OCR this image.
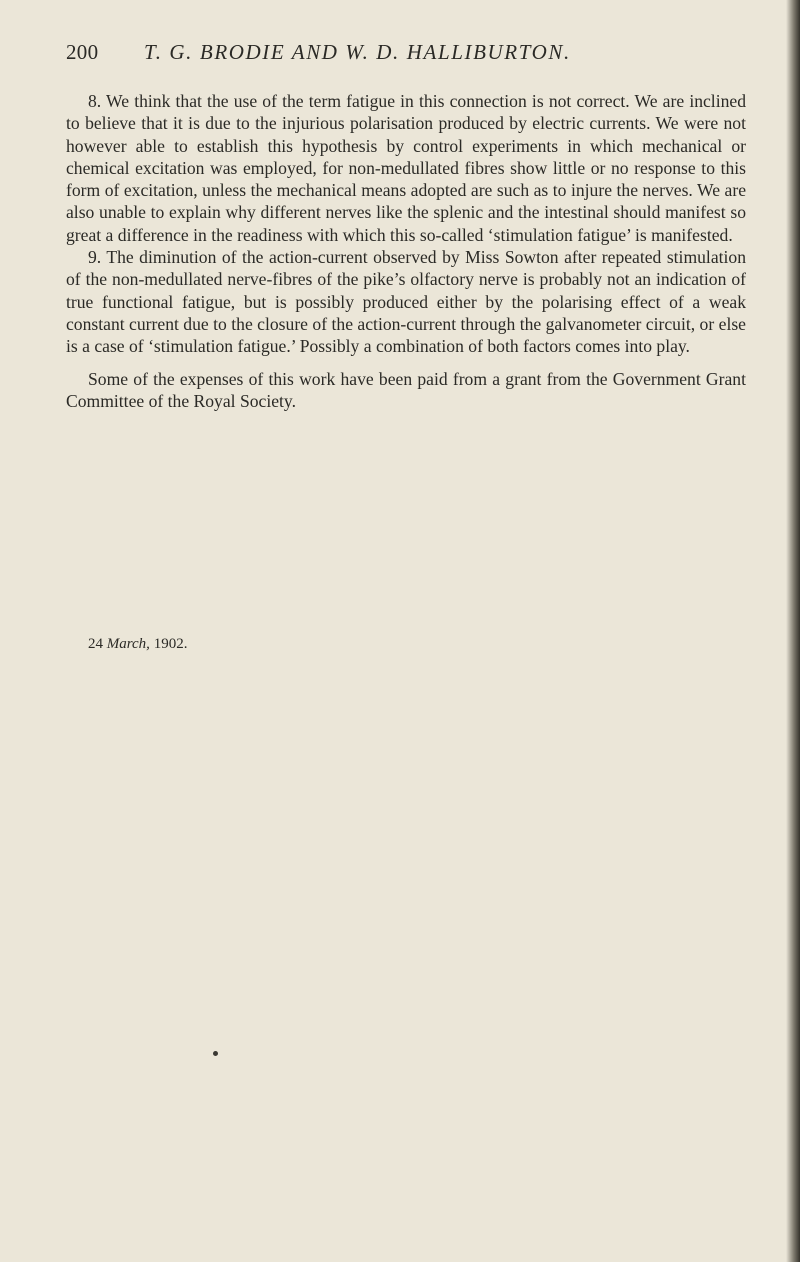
200 T. G. BRODIE AND W. D. HALLIBURTON.

8. We think that the use of the term fatigue in this connection is not correct. We are inclined to believe that it is due to the injurious polarisation produced by electric currents. We were not however able to establish this hypothesis by control experiments in which mechanical or chemical excitation was employed, for non-medullated fibres show little or no response to this form of excitation, unless the mechanical means adopted are such as to injure the nerves. We are also unable to explain why different nerves like the splenic and the intestinal should manifest so great a difference in the readiness with which this so-called ‘stimulation fatigue’ is manifested.

9. The diminution of the action-current observed by Miss Sowton after repeated stimulation of the non-medullated nerve-fibres of the pike’s olfactory nerve is probably not an indication of true functional fatigue, but is possibly produced either by the polarising effect of a weak constant current due to the closure of the action-current through the galvanometer circuit, or else is a case of ‘stimulation fatigue.’ Possibly a combination of both factors comes into play.

Some of the expenses of this work have been paid from a grant from the Government Grant Committee of the Royal Society.

24 March, 1902.
